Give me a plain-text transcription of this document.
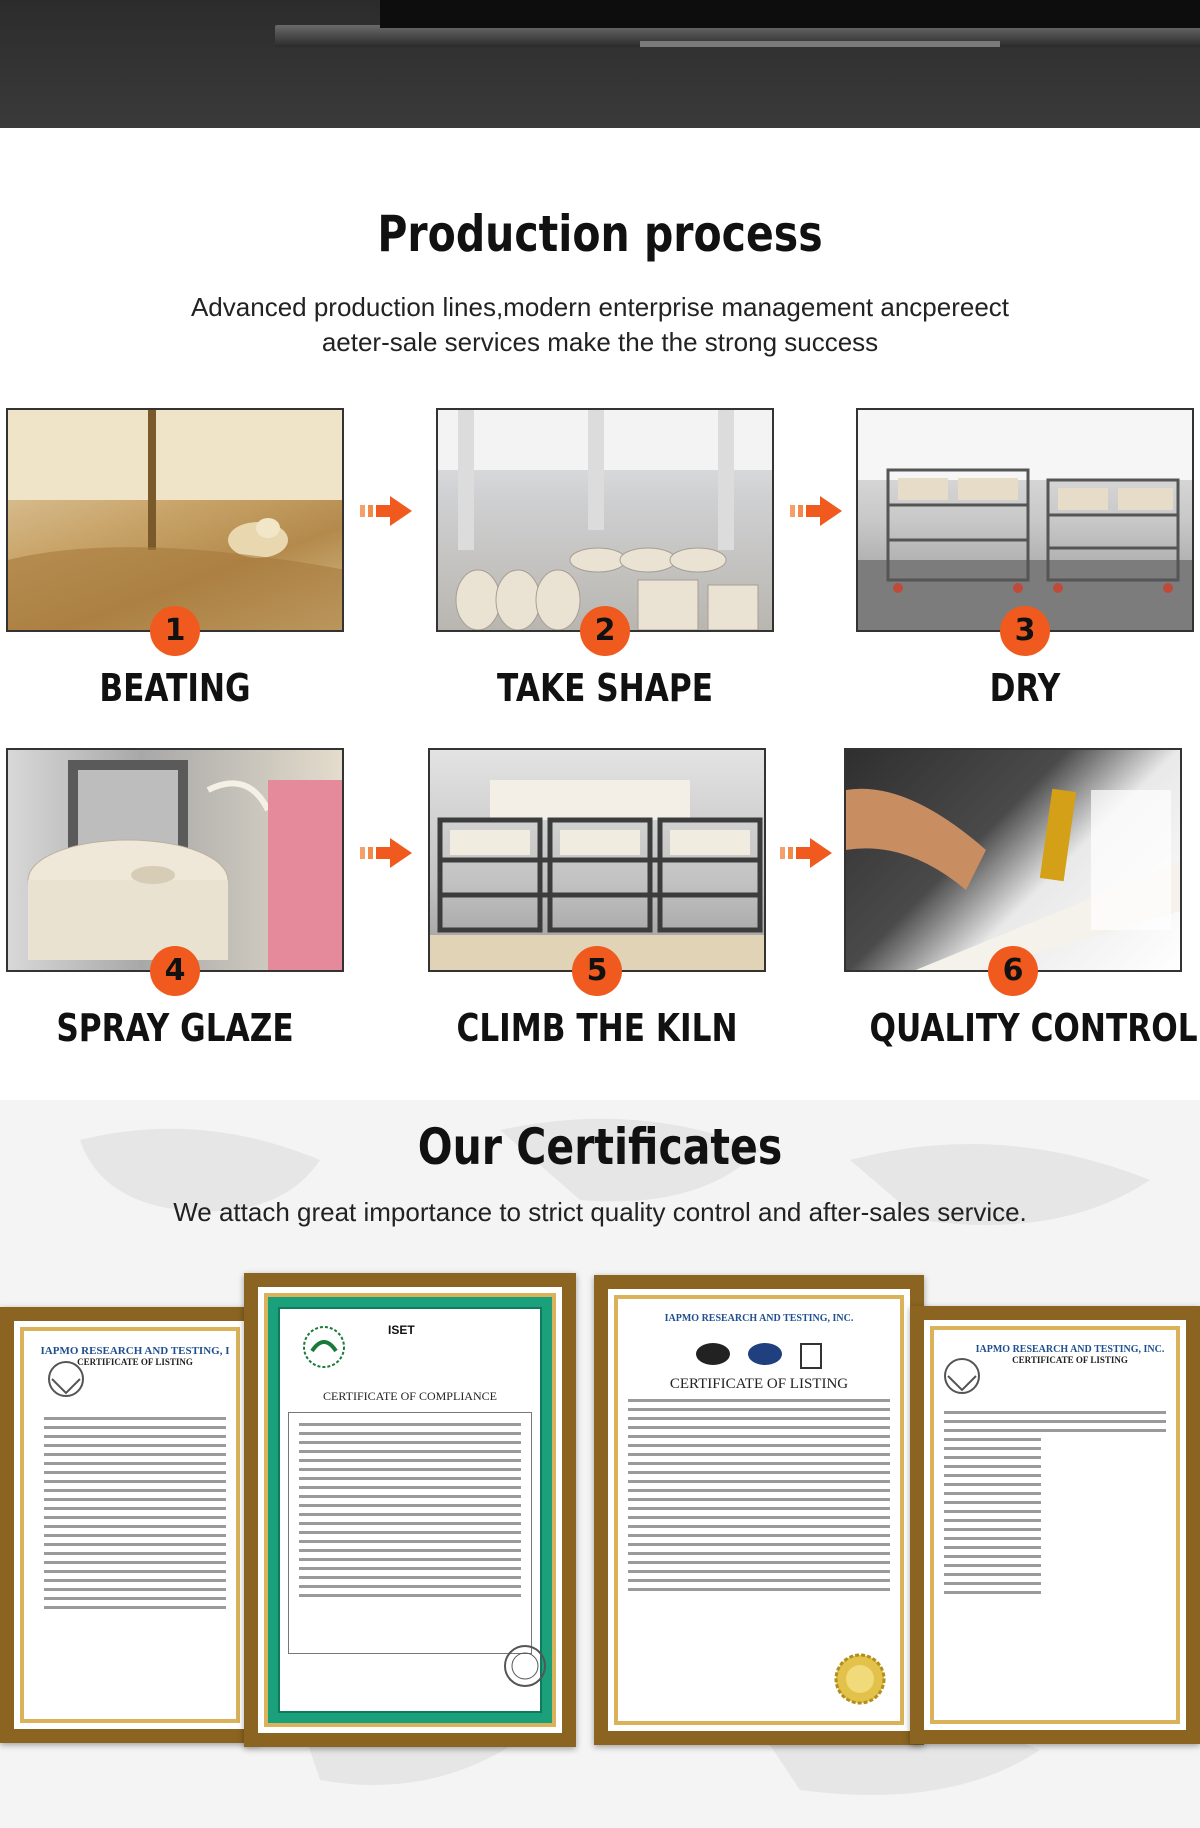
Production process
Advanced production lines,modern enterprise management ancpereect
aeter-sale services make the the strong success
1
BEATING
2
TAKE SHAPE
3
DRY
4
SPRAY GLAZE
5
CLIMB THE KILN
6
QUALITY CONTROL
Our Certificates
We attach great importance to strict quality control and after-sales service.
IAPMO RESEARCH AND TESTING, I
CERTIFICATE OF LISTING
ISET
CERTIFICATE OF COMPLIANCE
IAPMO RESEARCH AND TESTING, INC.
CERTIFICATE OF LISTING
IAPMO RESEARCH AND TESTING, INC.
CERTIFICATE OF LISTING
